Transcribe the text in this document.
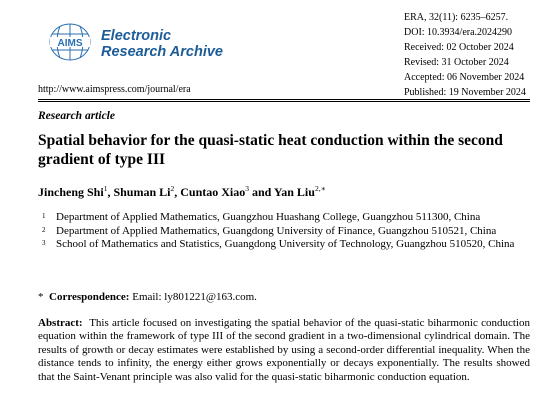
AIMS Electronic
Research Archive
ERA, 32(11): 6235–6257.
DOI: 10.3934/era.2024290
Received: 02 October 2024
Revised: 31 October 2024
Accepted: 06 November 2024
Published: 19 November 2024
http://www.aimspress.com/journal/era
Research article
Spatial behavior for the quasi-static heat conduction within the second gradient of type III
Jincheng Shi$^1$, Shuman Li$^2$, Cuntao Xiao$^3$ and Yan Liu$^{2,∗}$
1 Department of Applied Mathematics, Guangzhou Huashang College, Guangzhou 511300, China
2 Department of Applied Mathematics, Guangdong University of Finance, Guangzhou 510521, China
3 School of Mathematics and Statistics, Guangdong University of Technology, Guangzhou 510520, China
* Correspondence: Email: ly801221@163.com.
Abstract: This article focused on investigating the spatial behavior of the quasi-static biharmonic conduction equation within the framework of type III of the second gradient in a two-dimensional cylindrical domain. The results of growth or decay estimates were established by using a second-order differential inequality. When the distance tends to infinity, the energy either grows exponentially or decays exponentially. The results showed that the Saint-Venant principle was also valid for the quasi-static biharmonic conduction equation.
